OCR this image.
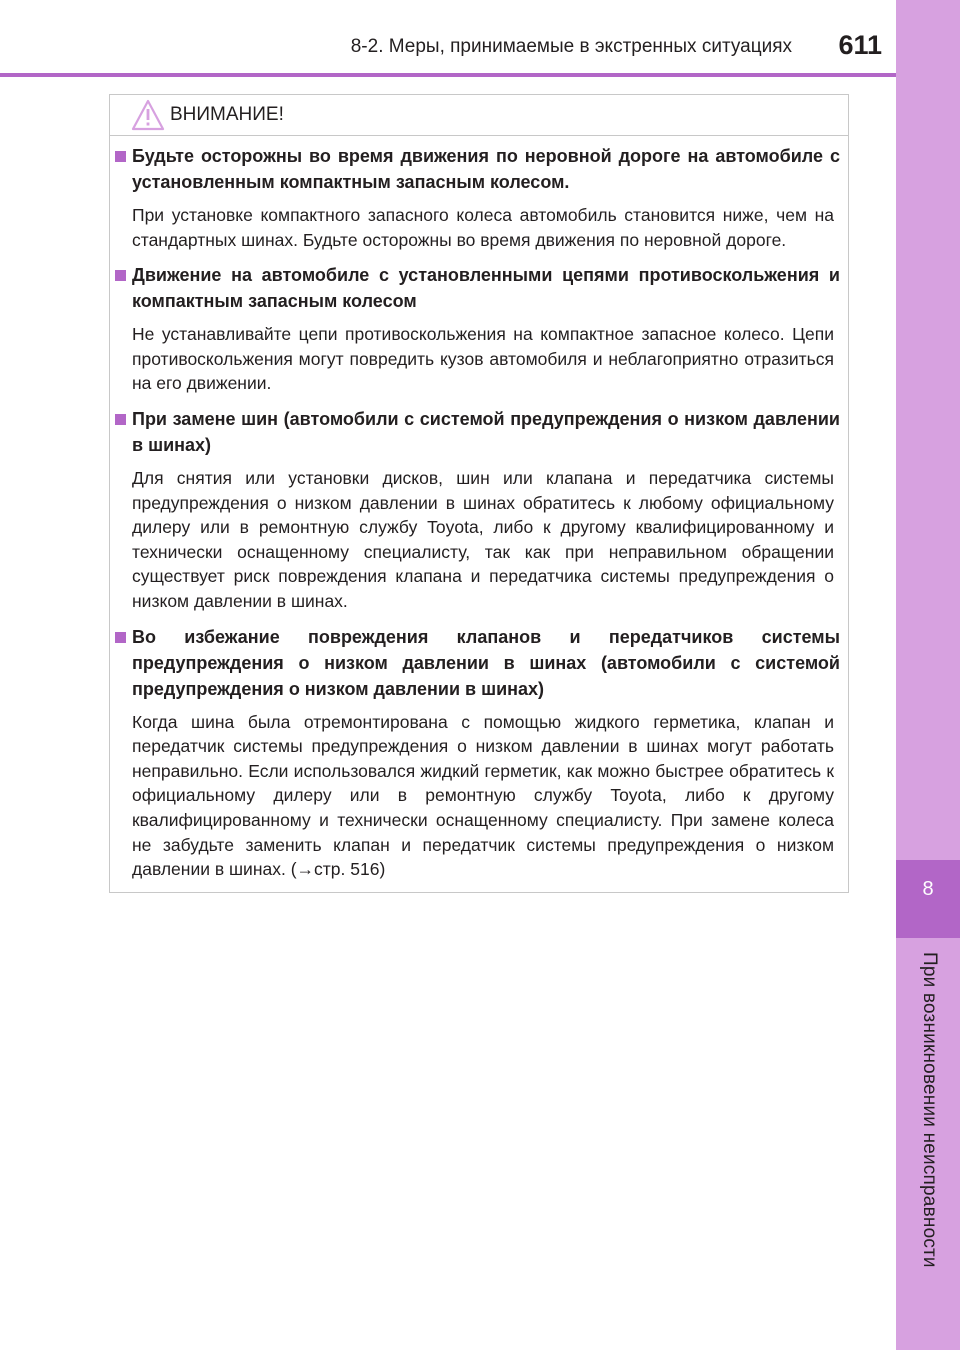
8-2. Меры, принимаемые в экстренных ситуациях	611
8
При возникновении неисправности
ВНИМАНИЕ!
Будьте осторожны во время движения по неровной дороге на автомобиле с установленным компактным запасным колесом.
При установке компактного запасного колеса автомобиль становится ниже, чем на стандартных шинах. Будьте осторожны во время движения по неровной дороге.
Движение на автомобиле с установленными цепями противоскольжения и компактным запасным колесом
Не устанавливайте цепи противоскольжения на компактное запасное колесо. Цепи противоскольжения могут повредить кузов автомобиля и неблагоприятно отразиться на его движении.
При замене шин (автомобили с системой предупреждения о низком давлении в шинах)
Для снятия или установки дисков, шин или клапана и передатчика системы предупреждения о низком давлении в шинах обратитесь к любому официальному дилеру или в ремонтную службу Toyota, либо к другому квалифицированному и технически оснащенному специалисту, так как при неправильном обращении существует риск повреждения клапана и передатчика системы предупреждения о низком давлении в шинах.
Во избежание повреждения клапанов и передатчиков системы предупреждения о низком давлении в шинах (автомобили с системой предупреждения о низком давлении в шинах)
Когда шина была отремонтирована с помощью жидкого герметика, клапан и передатчик системы предупреждения о низком давлении в шинах могут работать неправильно. Если использовался жидкий герметик, как можно быстрее обратитесь к официальному дилеру или в ремонтную службу Toyota, либо к другому квалифицированному и технически оснащенному специалисту. При замене колеса не забудьте заменить клапан и передатчик системы предупреждения о низком давлении в шинах. (→стр. 516)
